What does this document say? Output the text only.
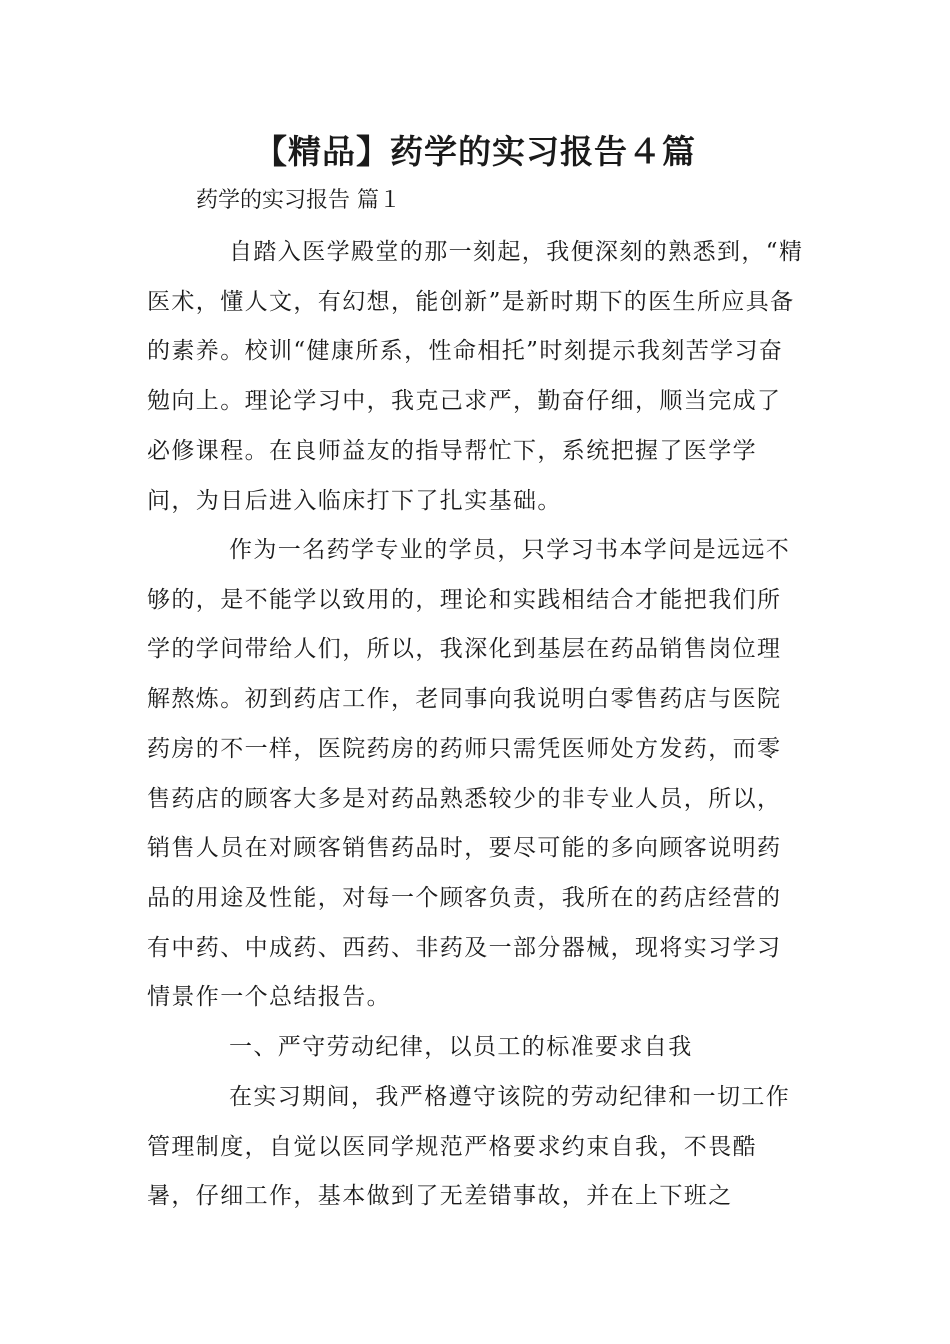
【精品】药学的实习报告４篇

药学的实习报告 篇１

自踏入医学殿堂的那一刻起，我便深刻的熟悉到，“精医术，懂人文，有幻想，能创新”是新时期下的医生所应具备的素养。校训“健康所系，性命相托”时刻提示我刻苦学习奋勉向上。理论学习中，我克己求严，勤奋仔细，顺当完成了必修课程。在良师益友的指导帮忙下，系统把握了医学学问，为日后进入临床打下了扎实基础。

作为一名药学专业的学员，只学习书本学问是远远不够的，是不能学以致用的，理论和实践相结合才能把我们所学的学问带给人们，所以，我深化到基层在药品销售岗位理解熬炼。初到药店工作，老同事向我说明白零售药店与医院药房的不一样，医院药房的药师只需凭医师处方发药，而零售药店的顾客大多是对药品熟悉较少的非专业人员，所以，销售人员在对顾客销售药品时，要尽可能的多向顾客说明药品的用途及性能，对每一个顾客负责，我所在的药店经营的有中药、中成药、西药、非药及一部分器械，现将实习学习情景作一个总结报告。

一、严守劳动纪律，以员工的标准要求自我

在实习期间，我严格遵守该院的劳动纪律和一切工作管理制度，自觉以医同学规范严格要求约束自我，不畏酷暑，仔细工作，基本做到了无差错事故，并在上下班之
